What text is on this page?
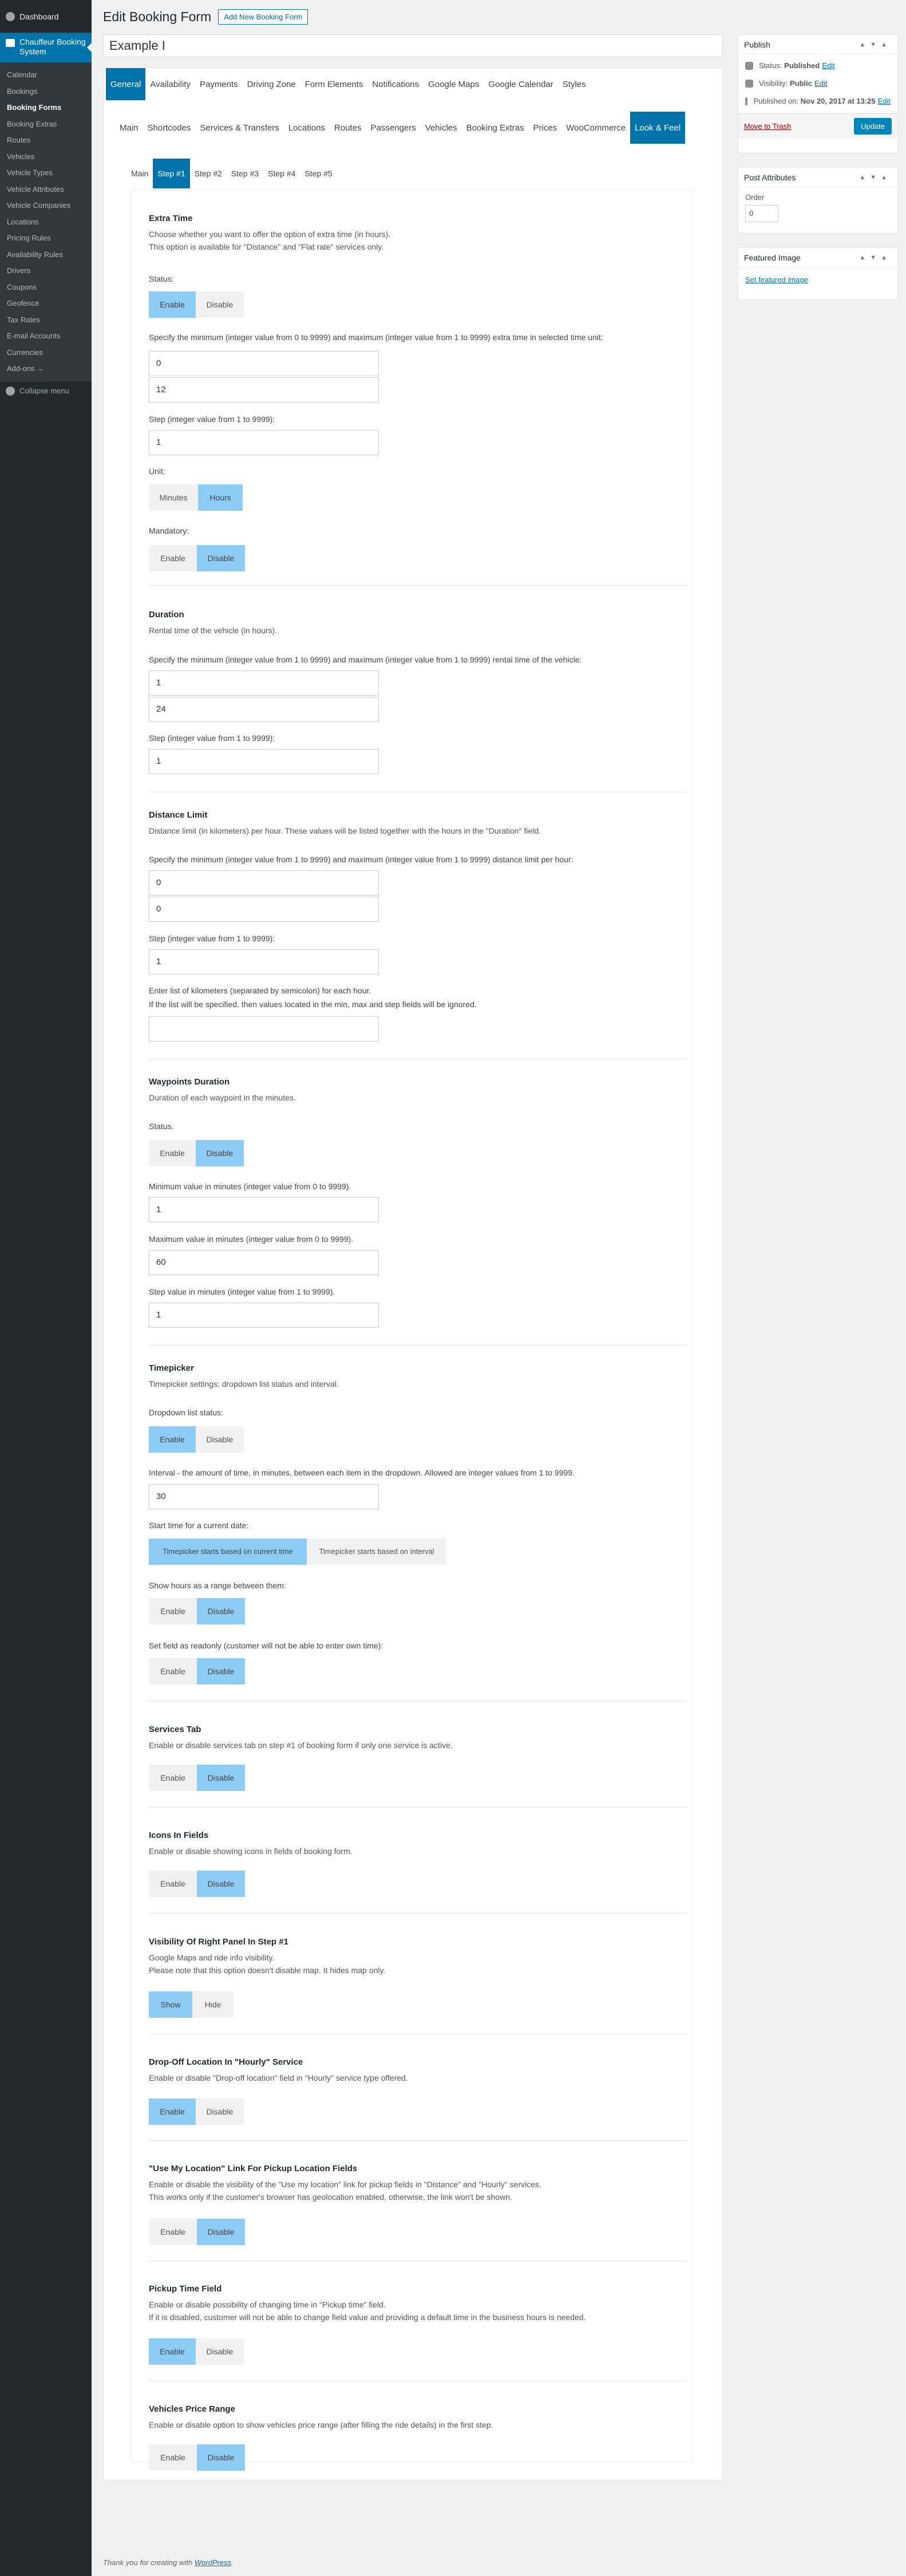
Dashboard
Chauffeur Booking System
Calendar
Bookings
Booking Forms
Booking Extras
Routes
Vehicles
Vehicle Types
Vehicle Attributes
Vehicle Companies
Locations
Pricing Rules
Availability Rules
Drivers
Coupons
Geofence
Tax Rates
E-mail Accounts
Currencies
Add-ons →
Collapse menu
Edit Booking Form	Add New Booking Form
Example I
General	Availability	Payments	Driving Zone	Form Elements	Notifications	Google Maps	Google Calendar	Styles
Main	Shortcodes	Services & Transfers	Locations	Routes	Passengers	Vehicles	Booking Extras	Prices	WooCommerce	Look & Feel
Main	Step #1	Step #2	Step #3	Step #4	Step #5
Extra Time
Choose whether you want to offer the option of extra time (in hours).
This option is available for "Distance" and "Flat rate" services only.
Status:
Enable	Disable
Specify the minimum (integer value from 0 to 9999) and maximum (integer value from 1 to 9999) extra time in selected time unit:
0
12
Step (integer value from 1 to 9999):
1
Unit:
Minutes	Hours
Mandatory:
Enable	Disable
Duration
Rental time of the vehicle (in hours).
Specify the minimum (integer value from 1 to 9999) and maximum (integer value from 1 to 9999) rental time of the vehicle:
1
24
Step (integer value from 1 to 9999):
1
Distance Limit
Distance limit (in kilometers) per hour. These values will be listed together with the hours in the "Duration" field.
Specify the minimum (integer value from 1 to 9999) and maximum (integer value from 1 to 9999) distance limit per hour:
0
0
Step (integer value from 1 to 9999):
1
Enter list of kilometers (separated by semicolon) for each hour.
If the list will be specified, then values located in the min, max and step fields will be ignored.
Waypoints Duration
Duration of each waypoint in the minutes.
Status.
Enable	Disable
Minimum value in minutes (integer value from 0 to 9999).
1
Maximum value in minutes (integer value from 0 to 9999).
60
Step value in minutes (integer value from 1 to 9999).
1
Timepicker
Timepicker settings: dropdown list status and interval.
Dropdown list status:
Enable	Disable
Interval - the amount of time, in minutes, between each item in the dropdown. Allowed are integer values from 1 to 9999.
30
Start time for a current date:
Timepicker starts based on current time	Timepicker starts based on interval
Show hours as a range between them:
Enable	Disable
Set field as readonly (customer will not be able to enter own time):
Enable	Disable
Services Tab
Enable or disable services tab on step #1 of booking form if only one service is active.
Enable	Disable
Icons In Fields
Enable or disable showing icons in fields of booking form.
Enable	Disable
Visibility Of Right Panel In Step #1
Google Maps and ride info visibility.
Please note that this option doesn't disable map. It hides map only.
Show	Hide
Drop-Off Location In "Hourly" Service
Enable or disable "Drop-off location" field in "Hourly" service type offered.
Enable	Disable
"Use My Location" Link For Pickup Location Fields
Enable or disable the visibility of the "Use my location" link for pickup fields in "Distance" and "Hourly" services.
This works only if the customer's browser has geolocation enabled, otherwise, the link won't be shown.
Enable	Disable
Pickup Time Field
Enable or disable possibility of changing time in "Pickup time" field.
If it is disabled, customer will not be able to change field value and providing a default time in the business hours is needed.
Enable	Disable
Vehicles Price Range
Enable or disable option to show vehicles price range (after filling the ride details) in the first step.
Enable	Disable
Publish	▲▼▲
Status:
Published Edit
Visibility:
Public Edit
Published on:
Nov 20, 2017 at 13:25 Edit
Move to Trash	Update
Post Attributes	▲▼▲
Order
0
Featured Image	▲▼▲
Set featured image
Thank you for creating with WordPress.
